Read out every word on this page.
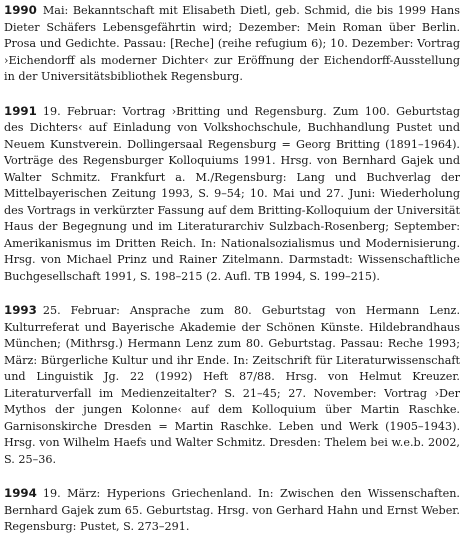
1990 Mai: Bekanntschaft mit Elisabeth Dietl, geb. Schmid, die bis 1999 Hans Dieter Schäfers Lebensgefährtin wird; Dezember: Mein Roman über Berlin. Prosa und Gedichte. Passau: [Reche] (reihe refugium 6); 10. Dezember: Vortrag ›Eichendorff als moderner Dichter‹ zur Eröffnung der Eichendorff-Ausstellung in der Universitätsbibliothek Regensburg.

1991 19. Februar: Vortrag ›Britting und Regensburg. Zum 100. Geburtstag des Dichters‹ auf Einladung von Volkshochschule, Buchhandlung Pustet und Neuem Kunstverein. Dollingersaal Regensburg = Georg Britting (1891–1964). Vorträge des Regensburger Kolloquiums 1991. Hrsg. von Bernhard Gajek und Walter Schmitz. Frankfurt a. M./Regensburg: Lang und Buchverlag der Mittelbayerischen Zeitung 1993, S. 9–54; 10. Mai und 27. Juni: Wiederholung des Vortrags in verkürzter Fassung auf dem Britting-Kolloquium der Universität Haus der Begegnung und im Literaturarchiv Sulzbach-Rosenberg; September: Amerikanismus im Dritten Reich. In: Nationalsozialismus und Modernisierung. Hrsg. von Michael Prinz und Rainer Zitelmann. Darmstadt: Wissenschaftliche Buchgesellschaft 1991, S. 198–215 (2. Aufl. TB 1994, S. 199–215).

1993 25. Februar: Ansprache zum 80. Geburtstag von Hermann Lenz. Kulturreferat und Bayerische Akademie der Schönen Künste. Hildebrandhaus München; (Mithrsg.) Hermann Lenz zum 80. Geburtstag. Passau: Reche 1993; März: Bürgerliche Kultur und ihr Ende. In: Zeitschrift für Literaturwissenschaft und Linguistik Jg. 22 (1992) Heft 87/88. Hrsg. von Helmut Kreuzer. Literaturverfall im Medienzeitalter? S. 21–45; 27. November: Vortrag ›Der Mythos der jungen Kolonne‹ auf dem Kolloquium über Martin Raschke. Garnisonskirche Dresden = Martin Raschke. Leben und Werk (1905–1943). Hrsg. von Wilhelm Haefs und Walter Schmitz. Dresden: Thelem bei w.e.b. 2002, S. 25–36.

1994 19. März: Hyperions Griechenland. In: Zwischen den Wissenschaften. Bernhard Gajek zum 65. Geburtstag. Hrsg. von Gerhard Hahn und Ernst Weber. Regensburg: Pustet, S. 273–291.
